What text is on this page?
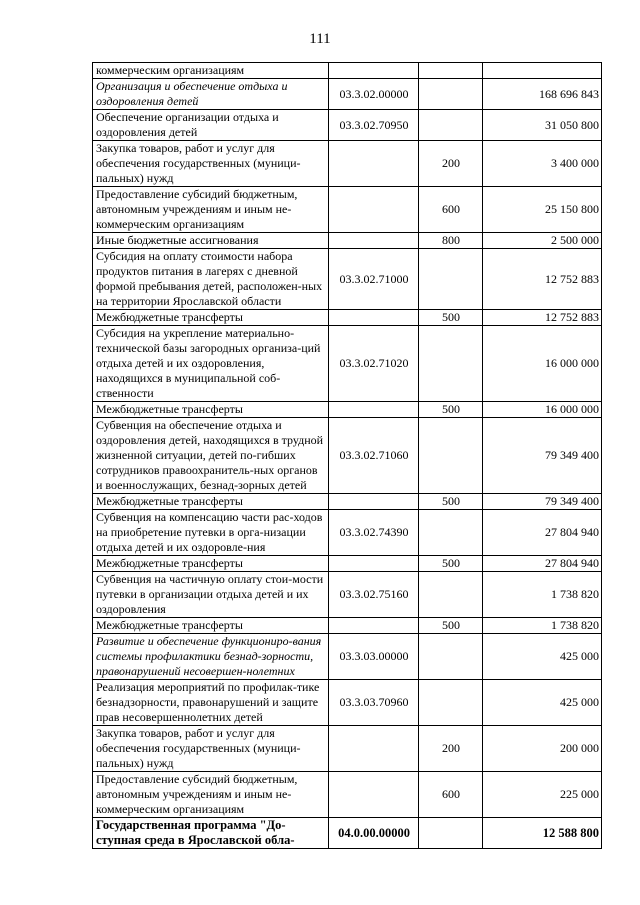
111
коммерческим организациям			
Организация и обеспечение отдыха и оздоровления детей	03.3.02.00000		168 696 843
Обеспечение организации отдыха и оздоровления детей	03.3.02.70950		31 050 800
Закупка товаров, работ и услуг для обеспечения государственных (муници-пальных) нужд		200	3 400 000
Предоставление субсидий бюджетным, автономным учреждениям и иным не-коммерческим организациям		600	25 150 800
Иные бюджетные ассигнования		800	2 500 000
Субсидия на оплату стоимости набора продуктов питания в лагерях с дневной формой пребывания детей, расположен-ных на территории Ярославской области	03.3.02.71000		12 752 883
Межбюджетные трансферты		500	12 752 883
Субсидия на укрепление материально-технической базы загородных организа-ций отдыха детей и их оздоровления, находящихся в муниципальной соб-ственности	03.3.02.71020		16 000 000
Межбюджетные трансферты		500	16 000 000
Субвенция на обеспечение отдыха и оздоровления детей, находящихся в трудной жизненной ситуации, детей по-гибших сотрудников правоохранитель-ных органов и военнослужащих, безнад-зорных детей	03.3.02.71060		79 349 400
Межбюджетные трансферты		500	79 349 400
Субвенция на компенсацию части рас-ходов на приобретение путевки в орга-низации отдыха детей и их оздоровле-ния	03.3.02.74390		27 804 940
Межбюджетные трансферты		500	27 804 940
Субвенция на частичную оплату стои-мости путевки в организации отдыха детей и их оздоровления	03.3.02.75160		1 738 820
Межбюджетные трансферты		500	1 738 820
Развитие и обеспечение функциониро-вания системы профилактики безнад-зорности, правонарушений несовершен-нолетних	03.3.03.00000		425 000
Реализация мероприятий по профилак-тике безнадзорности, правонарушений и защите прав несовершеннолетних детей	03.3.03.70960		425 000
Закупка товаров, работ и услуг для обеспечения государственных (муници-пальных) нужд		200	200 000
Предоставление субсидий бюджетным, автономным учреждениям и иным не-коммерческим организациям		600	225 000
Государственная программа "До-ступная среда в Ярославской обла-	04.0.00.00000		12 588 800
